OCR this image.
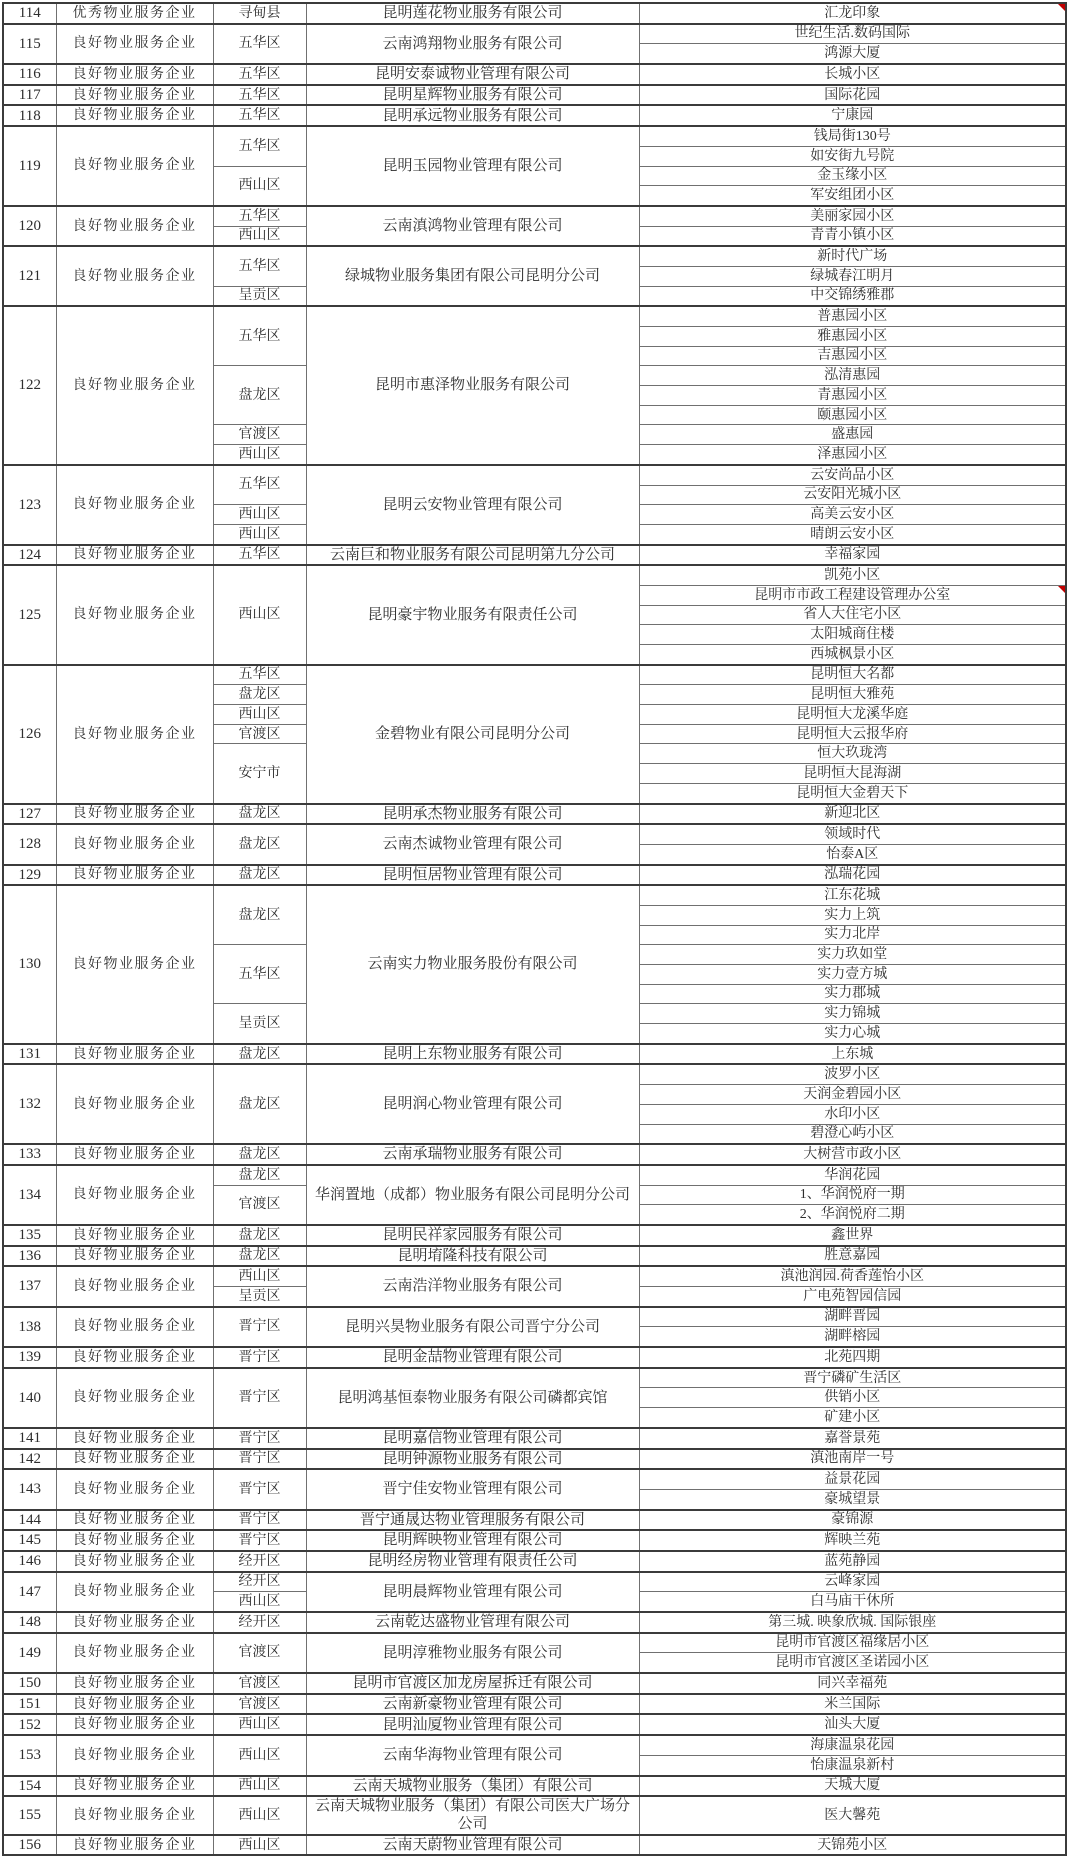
114	优秀物业服务企业	寻甸县	昆明莲花物业服务有限公司	汇龙印象

115	良好物业服务企业	五华区	云南鸿翔物业服务有限公司	世纪生活.数码国际
				鸿源大厦
116	良好物业服务企业	五华区	昆明安泰诚物业管理有限公司	长城小区
117	良好物业服务企业	五华区	昆明星辉物业服务有限公司	国际花园
118	良好物业服务企业	五华区	昆明承远物业服务有限公司	宁康园
119	良好物业服务企业	五华区	昆明玉园物业管理有限公司	钱局街130号
				如安街九号院
		西山区		金玉缘小区
				军安组团小区
120	良好物业服务企业	五华区	云南滇鸿物业管理有限公司	美丽家园小区
		西山区		青青小镇小区
121	良好物业服务企业	五华区	绿城物业服务集团有限公司昆明分公司	新时代广场
				绿城春江明月
		呈贡区		中交锦绣雅郡
122	良好物业服务企业	五华区	昆明市惠泽物业服务有限公司	普惠园小区
				雅惠园小区
				吉惠园小区
		盘龙区		泓清惠园
				青惠园小区
				颐惠园小区
		官渡区		盛惠园
		西山区		泽惠园小区
123	良好物业服务企业	五华区	昆明云安物业管理有限公司	云安尚品小区
				云安阳光城小区
		西山区		高美云安小区
		西山区		晴朗云安小区
124	良好物业服务企业	五华区	云南巨和物业服务有限公司昆明第九分公司	幸福家园
125	良好物业服务企业	西山区	昆明豪宇物业服务有限责任公司	凯苑小区
				昆明市市政工程建设管理办公室

				省人大住宅小区
				太阳城商住楼
				西城枫景小区
126	良好物业服务企业	五华区	金碧物业有限公司昆明分公司	昆明恒大名都
		盘龙区		昆明恒大雅苑
		西山区		昆明恒大龙溪华庭
		官渡区		昆明恒大云报华府
		安宁市		恒大玖珑湾
				昆明恒大昆海湖
				昆明恒大金碧天下
127	良好物业服务企业	盘龙区	昆明承杰物业服务有限公司	新迎北区
128	良好物业服务企业	盘龙区	云南杰诚物业管理有限公司	领域时代
				怡泰A区
129	良好物业服务企业	盘龙区	昆明恒居物业管理有限公司	泓瑞花园
130	良好物业服务企业	盘龙区	云南实力物业服务股份有限公司	江东花城
				实力上筑
				实力北岸
		五华区		实力玖如堂
				实力壹方城
				实力郡城
		呈贡区		实力锦城
				实力心城
131	良好物业服务企业	盘龙区	昆明上东物业服务有限公司	上东城
132	良好物业服务企业	盘龙区	昆明润心物业管理有限公司	波罗小区
				天润金碧园小区
				水印小区
				碧澄心屿小区
133	良好物业服务企业	盘龙区	云南承瑞物业服务有限公司	大树营市政小区
134	良好物业服务企业	盘龙区	华润置地（成都）物业服务有限公司昆明分公司	华润花园
		官渡区		1、华润悦府一期
				2、华润悦府二期
135	良好物业服务企业	盘龙区	昆明民祥家园服务有限公司	鑫世界
136	良好物业服务企业	盘龙区	昆明堉隆科技有限公司	胜意嘉园
137	良好物业服务企业	西山区	云南浩洋物业服务有限公司	滇池润园.荷香莲怡小区
		呈贡区		广电苑智园信园
138	良好物业服务企业	晋宁区	昆明兴昊物业服务有限公司晋宁分公司	湖畔晋园
				湖畔榕园
139	良好物业服务企业	晋宁区	昆明金喆物业管理有限公司	北苑四期
140	良好物业服务企业	晋宁区	昆明鸿基恒泰物业服务有限公司磷都宾馆	晋宁磷矿生活区
				供销小区
				矿建小区
141	良好物业服务企业	晋宁区	昆明嘉信物业管理有限公司	嘉誉景苑
142	良好物业服务企业	晋宁区	昆明钟源物业服务有限公司	滇池南岸一号
143	良好物业服务企业	晋宁区	晋宁佳安物业管理有限公司	益景花园
				豪城望景
144	良好物业服务企业	晋宁区	晋宁通晟达物业管理服务有限公司	豪锦源
145	良好物业服务企业	晋宁区	昆明辉映物业管理有限公司	辉映兰苑
146	良好物业服务企业	经开区	昆明经房物业管理有限责任公司	蓝苑静园
147	良好物业服务企业	经开区	昆明晨辉物业管理有限公司	云峰家园
		西山区		白马庙干休所
148	良好物业服务企业	经开区	云南乾达盛物业管理有限公司	第三城. 映象欣城. 国际银座
149	良好物业服务企业	官渡区	昆明淳雅物业服务有限公司	昆明市官渡区福缘居小区
				昆明市官渡区圣诺园小区
150	良好物业服务企业	官渡区	昆明市官渡区加龙房屋拆迁有限公司	同兴幸福苑
151	良好物业服务企业	官渡区	云南新豪物业管理有限公司	米兰国际
152	良好物业服务企业	西山区	昆明汕厦物业管理有限公司	汕头大厦
153	良好物业服务企业	西山区	云南华海物业管理有限公司	海康温泉花园
				怡康温泉新村
154	良好物业服务企业	西山区	云南天城物业服务（集团）有限公司	天城大厦
155	良好物业服务企业	西山区	云南天城物业服务（集团）有限公司医大广场分公司	医大馨苑
156	良好物业服务企业	西山区	云南天蔚物业管理有限公司	天锦苑小区
